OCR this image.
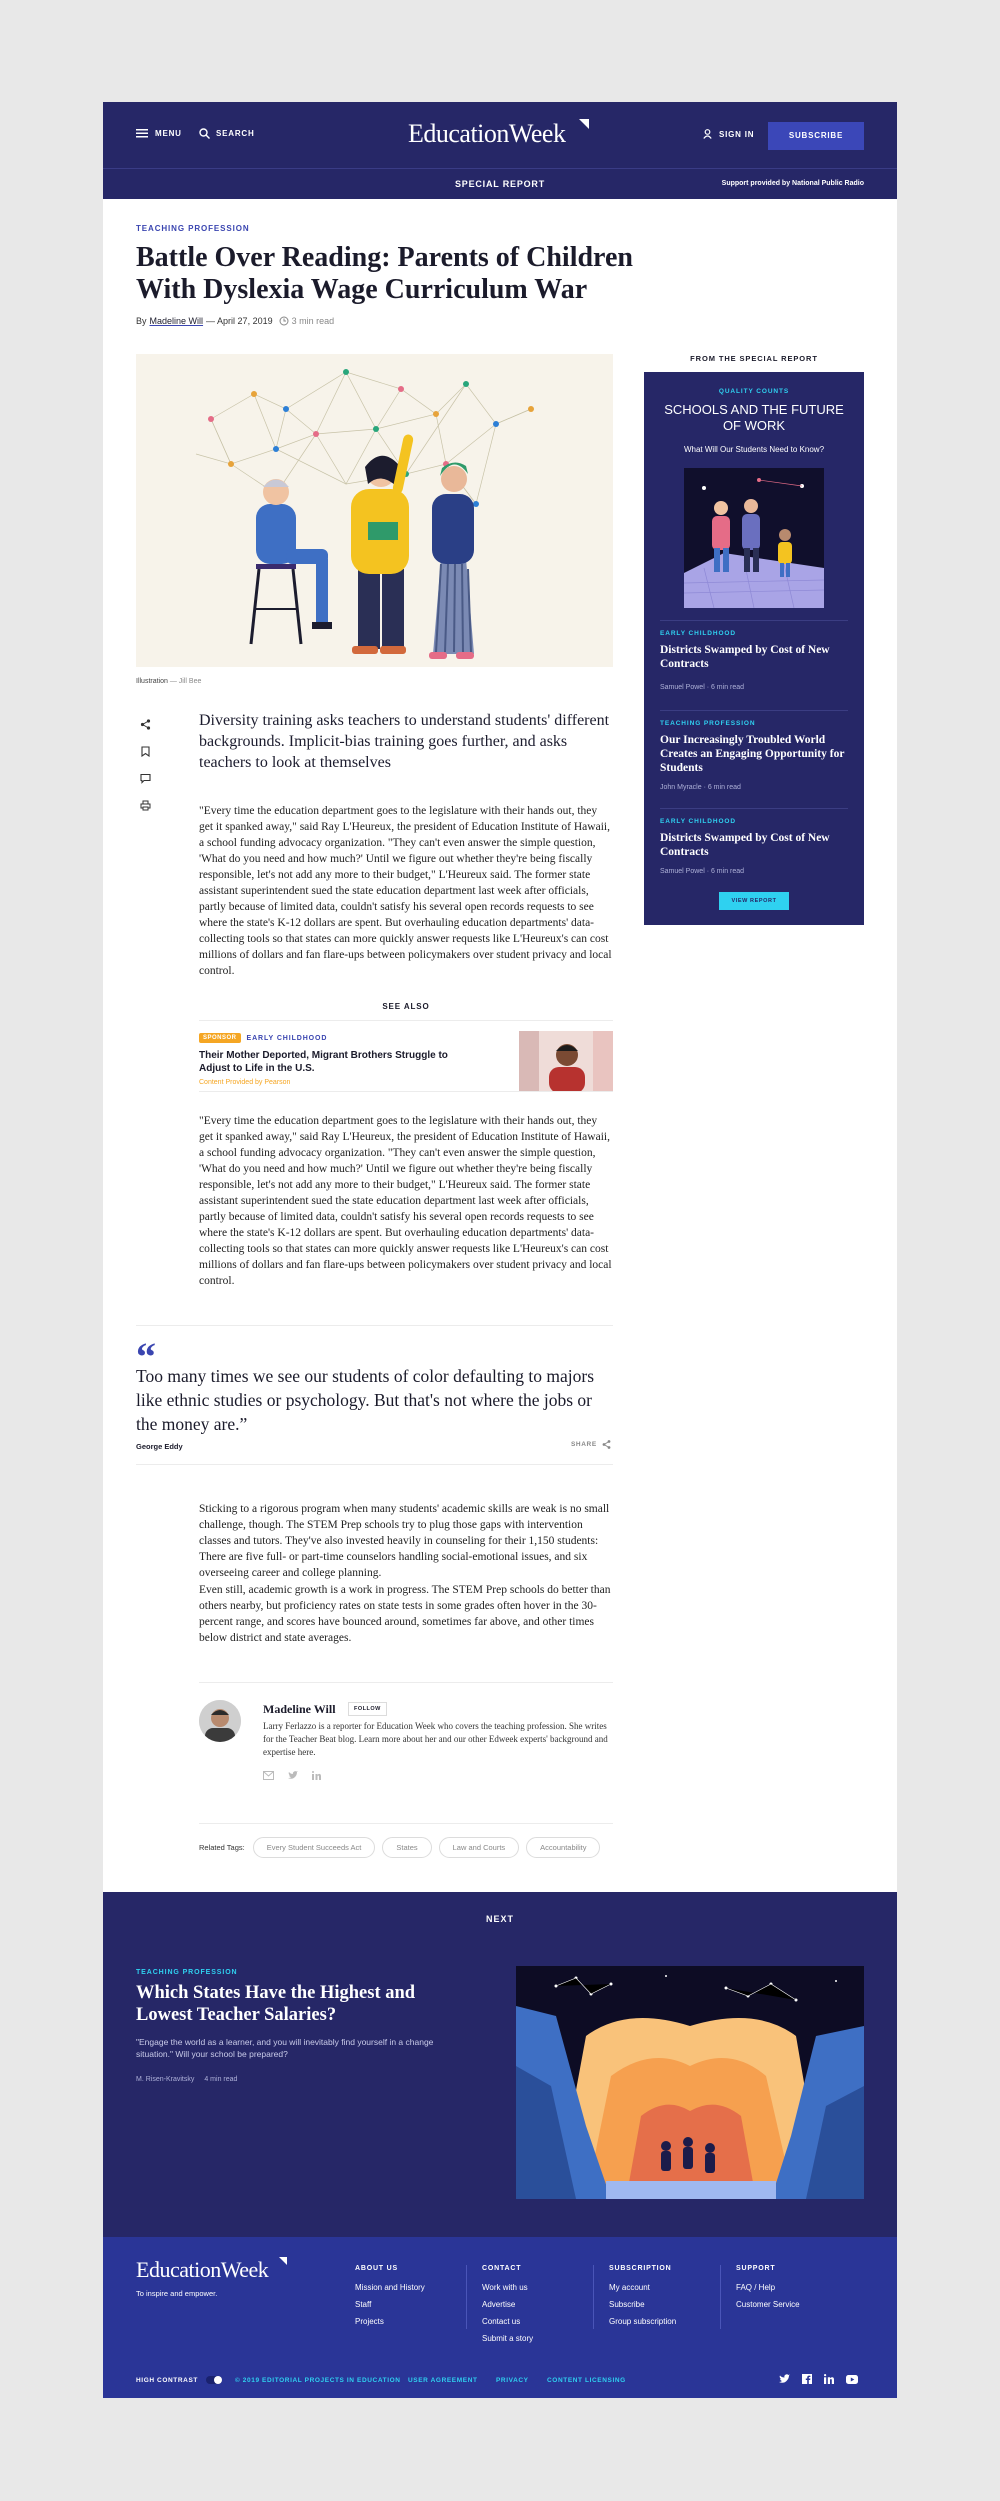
MENU	SEARCH	EducationWeek	SIGN IN	SUBSCRIBE
SPECIAL REPORT	Support provided by National Public Radio
TEACHING PROFESSION
Battle Over Reading: Parents of Children With Dyslexia Wage Curriculum War
By Madeline Will — April 27, 2019 3 min read
Illustration — Jill Bee
Diversity training asks teachers to understand students' different backgrounds. Implicit-bias training goes further, and asks teachers to look at themselves

"Every time the education department goes to the legislature with their hands out, they get it spanked away," said Ray L'Heureux, the president of Education Institute of Hawaii, a school funding advocacy organization. "They can't even answer the simple question, 'What do you need and how much?' Until we figure out whether they're being fiscally responsible, let's not add any more to their budget," L'Heureux said. The former state assistant superintendent sued the state education department last week after officials, partly because of limited data, couldn't satisfy his several open records requests to see where the state's K-12 dollars are spent. But overhauling education departments' data-collecting tools so that states can more quickly answer requests like L'Heureux's can cost millions of dollars and fan flare-ups between policymakers over student privacy and local control.

SEE ALSO
SPONSOR	EARLY CHILDHOOD
Their Mother Deported, Migrant Brothers Struggle to Adjust to Life in the U.S.
Content Provided by Pearson

"Every time the education department goes to the legislature with their hands out, they get it spanked away," said Ray L'Heureux, the president of Education Institute of Hawaii, a school funding advocacy organization. "They can't even answer the simple question, 'What do you need and how much?' Until we figure out whether they're being fiscally responsible, let's not add any more to their budget," L'Heureux said. The former state assistant superintendent sued the state education department last week after officials, partly because of limited data, couldn't satisfy his several open records requests to see where the state's K-12 dollars are spent. But overhauling education departments' data-collecting tools so that states can more quickly answer requests like L'Heureux's can cost millions of dollars and fan flare-ups between policymakers over student privacy and local control.

“
Too many times we see our students of color defaulting to majors like ethnic studies or psychology. But that's not where the jobs or the money are.”
George Eddy	SHARE

Sticking to a rigorous program when many students' academic skills are weak is no small challenge, though. The STEM Prep schools try to plug those gaps with intervention classes and tutors. They've also invested heavily in counseling for their 1,150 students: There are five full- or part-time counselors handling social-emotional issues, and six overseeing career and college planning.

Even still, academic growth is a work in progress. The STEM Prep schools do better than others nearby, but proficiency rates on state tests in some grades often hover in the 30-percent range, and scores have bounced around, sometimes far above, and other times below district and state averages.

Madeline Will	FOLLOW

Larry Ferlazzo is a reporter for Education Week who covers the teaching profession. She writes for the Teacher Beat blog. Learn more about her and our other Edweek experts' background and expertise here.

Related Tags:	Every Student Succeeds Act	States	Law and Courts	Accountability
FROM THE SPECIAL REPORT
QUALITY COUNTS
SCHOOLS AND THE FUTURE OF WORK
What Will Our Students Need to Know?
EARLY CHILDHOOD
Districts Swamped by Cost of New Contracts
Samuel Powel · 6 min read
TEACHING PROFESSION
Our Increasingly Troubled World Creates an Engaging Opportunity for Students
John Myracle · 6 min read
EARLY CHILDHOOD
Districts Swamped by Cost of New Contracts
Samuel Powel · 6 min read
VIEW REPORT
NEXT
TEACHING PROFESSION
Which States Have the Highest and Lowest Teacher Salaries?
"Engage the world as a learner, and you will inevitably find yourself in a change situation." Will your school be prepared?
M. Risen-Kravitsky 4 min read
EducationWeek
To inspire and empower.
ABOUT US
Mission and History
Staff
Projects
CONTACT
Work with us
Advertise
Contact us
Submit a story
SUBSCRIPTION
My account
Subscribe
Group subscription
SUPPORT
FAQ / Help
Customer Service
HIGH CONTRAST	© 2019 EDITORIAL PROJECTS IN EDUCATION USER AGREEMENT	PRIVACY	CONTENT LICENSING
